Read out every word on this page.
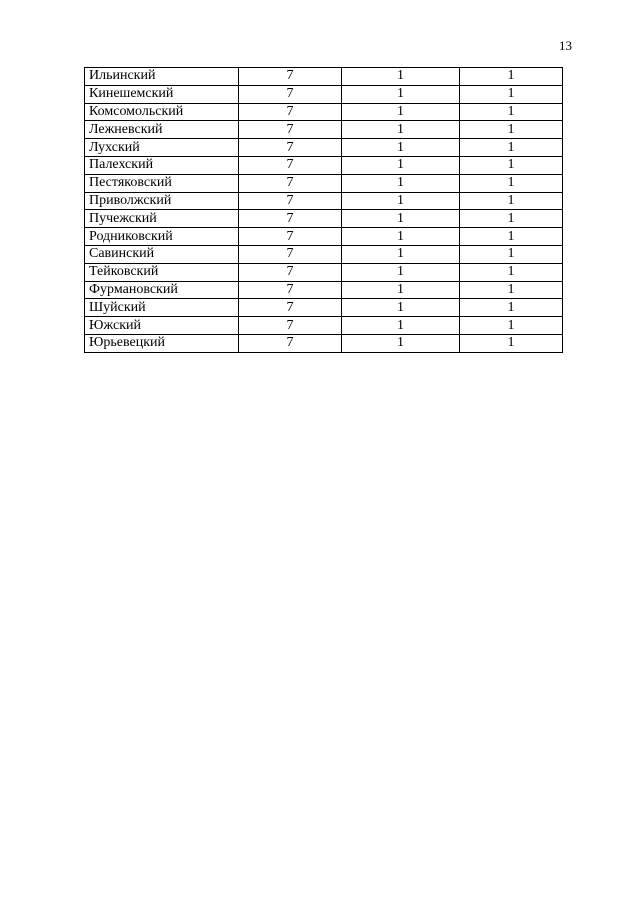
13
Ильинский	7	1	1
Кинешемский	7	1	1
Комсомольский	7	1	1
Лежневский	7	1	1
Лухский	7	1	1
Палехский	7	1	1
Пестяковский	7	1	1
Приволжский	7	1	1
Пучежский	7	1	1
Родниковский	7	1	1
Савинский	7	1	1
Тейковский	7	1	1
Фурмановский	7	1	1
Шуйский	7	1	1
Южский	7	1	1
Юрьевецкий	7	1	1
